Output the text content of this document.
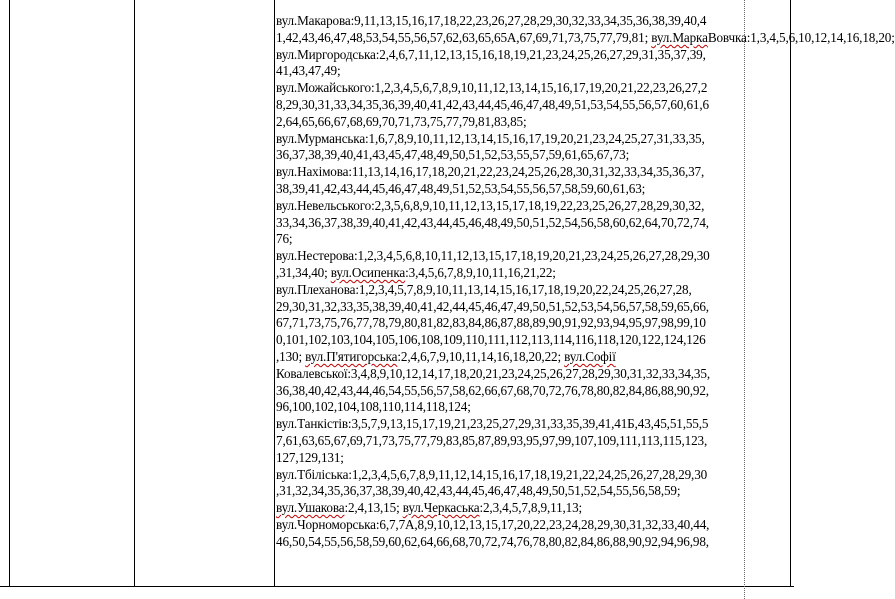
вул.Макарова:9,11,13,15,16,17,18,22,23,26,27,28,29,30,32,33,34,35,36,38,39,40,4
1,42,43,46,47,48,53,54,55,56,57,62,63,65,65А,67,69,71,73,75,77,79,81; вул.МаркаВовчка:1,3,4,5,6,10,12,14,16,18,20;
вул.Миргородська:2,4,6,7,11,12,13,15,16,18,19,21,23,24,25,26,27,29,31,35,37,39,
41,43,47,49;
вул.Можайського:1,2,3,4,5,6,7,8,9,10,11,12,13,14,15,16,17,19,20,21,22,23,26,27,2
8,29,30,31,33,34,35,36,39,40,41,42,43,44,45,46,47,48,49,51,53,54,55,56,57,60,61,6
2,64,65,66,67,68,69,70,71,73,75,77,79,81,83,85;
вул.Мурманська:1,6,7,8,9,10,11,12,13,14,15,16,17,19,20,21,23,24,25,27,31,33,35,
36,37,38,39,40,41,43,45,47,48,49,50,51,52,53,55,57,59,61,65,67,73;
вул.Нахімова:11,13,14,16,17,18,20,21,22,23,24,25,26,28,30,31,32,33,34,35,36,37,
38,39,41,42,43,44,45,46,47,48,49,51,52,53,54,55,56,57,58,59,60,61,63;
вул.Невельського:2,3,5,6,8,9,10,11,12,13,15,17,18,19,22,23,25,26,27,28,29,30,32,
33,34,36,37,38,39,40,41,42,43,44,45,46,48,49,50,51,52,54,56,58,60,62,64,70,72,74,
76;
вул.Нестерова:1,2,3,4,5,6,8,10,11,12,13,15,17,18,19,20,21,23,24,25,26,27,28,29,30
,31,34,40; вул.Осипенка:3,4,5,6,7,8,9,10,11,16,21,22;
вул.Плеханова:1,2,3,4,5,7,8,9,10,11,13,14,15,16,17,18,19,20,22,24,25,26,27,28,
29,30,31,32,33,35,38,39,40,41,42,44,45,46,47,49,50,51,52,53,54,56,57,58,59,65,66,
67,71,73,75,76,77,78,79,80,81,82,83,84,86,87,88,89,90,91,92,93,94,95,97,98,99,10
0,101,102,103,104,105,106,108,109,110,111,112,113,114,116,118,120,122,124,126
,130; вул.П'ятигорська:2,4,6,7,9,10,11,14,16,18,20,22; вул.Софії
Ковалевської:3,4,8,9,10,12,14,17,18,20,21,23,24,25,26,27,28,29,30,31,32,33,34,35,
36,38,40,42,43,44,46,54,55,56,57,58,62,66,67,68,70,72,76,78,80,82,84,86,88,90,92,
96,100,102,104,108,110,114,118,124;
вул.Танкістів:3,5,7,9,13,15,17,19,21,23,25,27,29,31,33,35,39,41,41Б,43,45,51,55,5
7,61,63,65,67,69,71,73,75,77,79,83,85,87,89,93,95,97,99,107,109,111,113,115,123,
127,129,131;
вул.Тбіліська:1,2,3,4,5,6,7,8,9,11,12,14,15,16,17,18,19,21,22,24,25,26,27,28,29,30
,31,32,34,35,36,37,38,39,40,42,43,44,45,46,47,48,49,50,51,52,54,55,56,58,59;
вул.Ушакова:2,4,13,15; вул.Черкаська:2,3,4,5,7,8,9,11,13;
вул.Чорноморська:6,7,7А,8,9,10,12,13,15,17,20,22,23,24,28,29,30,31,32,33,40,44,
46,50,54,55,56,58,59,60,62,64,66,68,70,72,74,76,78,80,82,84,86,88,90,92,94,96,98,
